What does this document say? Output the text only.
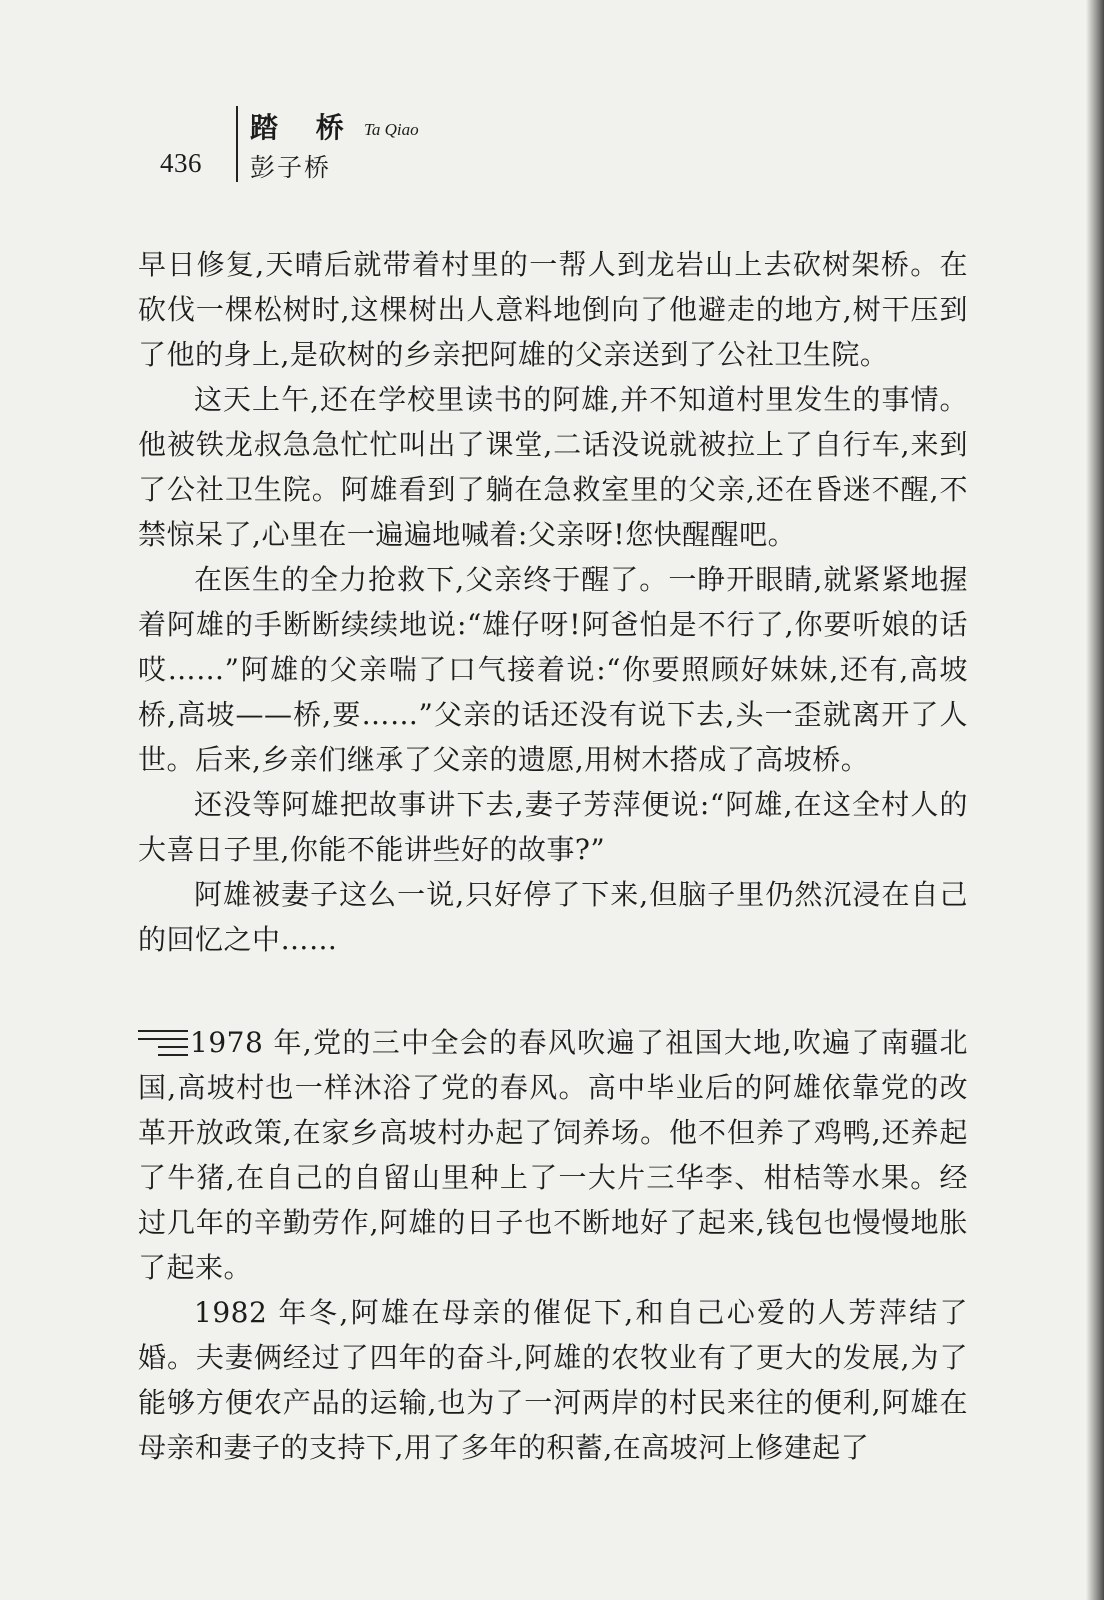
436
踏 桥 Ta Qiao
彭子桥

早日修复,天晴后就带着村里的一帮人到龙岩山上去砍树架桥。在砍伐一棵松树时,这棵树出人意料地倒向了他避走的地方,树干压到了他的身上,是砍树的乡亲把阿雄的父亲送到了公社卫生院。

这天上午,还在学校里读书的阿雄,并不知道村里发生的事情。他被铁龙叔急急忙忙叫出了课堂,二话没说就被拉上了自行车,来到了公社卫生院。阿雄看到了躺在急救室里的父亲,还在昏迷不醒,不禁惊呆了,心里在一遍遍地喊着:父亲呀!您快醒醒吧。

在医生的全力抢救下,父亲终于醒了。一睁开眼睛,就紧紧地握着阿雄的手断断续续地说:“雄仔呀!阿爸怕是不行了,你要听娘的话哎……”阿雄的父亲喘了口气接着说:“你要照顾好妹妹,还有,高坡桥,高坡——桥,要……”父亲的话还没有说下去,头一歪就离开了人世。后来,乡亲们继承了父亲的遗愿,用树木搭成了高坡桥。

还没等阿雄把故事讲下去,妻子芳萍便说:“阿雄,在这全村人的大喜日子里,你能不能讲些好的故事?”

阿雄被妻子这么一说,只好停了下来,但脑子里仍然沉浸在自己的回忆之中……

1978 年,党的三中全会的春风吹遍了祖国大地,吹遍了南疆北国,高坡村也一样沐浴了党的春风。高中毕业后的阿雄依靠党的改革开放政策,在家乡高坡村办起了饲养场。他不但养了鸡鸭,还养起了牛猪,在自己的自留山里种上了一大片三华李、柑桔等水果。经过几年的辛勤劳作,阿雄的日子也不断地好了起来,钱包也慢慢地胀了起来。

1982 年冬,阿雄在母亲的催促下,和自己心爱的人芳萍结了婚。夫妻俩经过了四年的奋斗,阿雄的农牧业有了更大的发展,为了能够方便农产品的运输,也为了一河两岸的村民来往的便利,阿雄在母亲和妻子的支持下,用了多年的积蓄,在高坡河上修建起了
